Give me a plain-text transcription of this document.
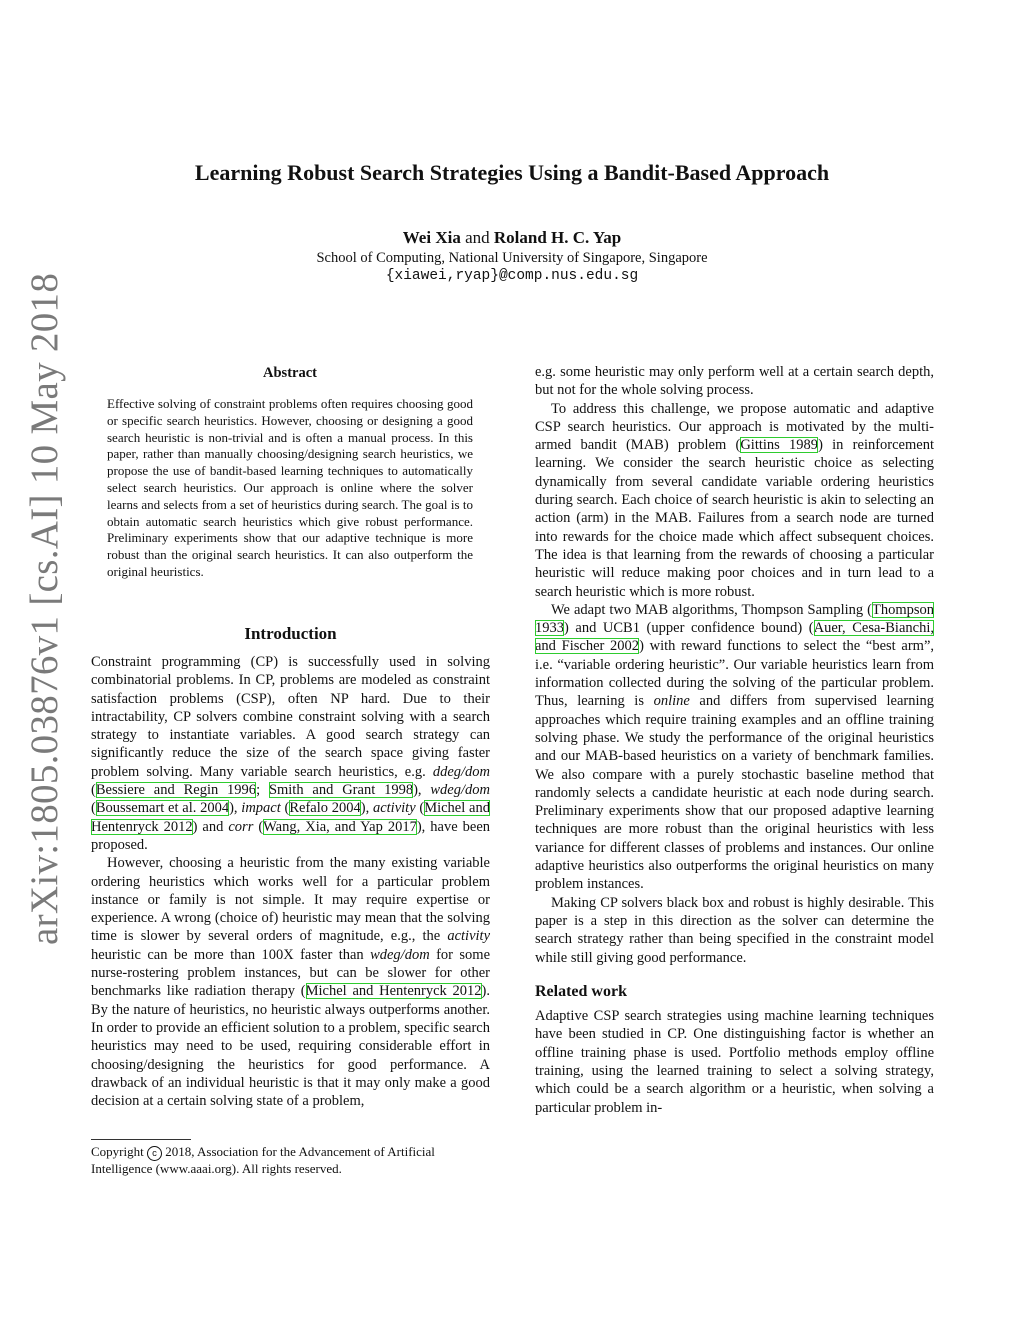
arXiv:1805.03876v1 [cs.AI] 10 May 2018
Learning Robust Search Strategies Using a Bandit-Based Approach
Wei Xia and Roland H. C. Yap
School of Computing, National University of Singapore, Singapore
{xiawei,ryap}@comp.nus.edu.sg
Abstract

Effective solving of constraint problems often requires choosing good or specific search heuristics. However, choosing or designing a good search heuristic is non-trivial and is often a manual process. In this paper, rather than manually choosing/designing search heuristics, we propose the use of bandit-based learning techniques to automatically select search heuristics. Our approach is online where the solver learns and selects from a set of heuristics during search. The goal is to obtain automatic search heuristics which give robust performance. Preliminary experiments show that our adaptive technique is more robust than the original search heuristics. It can also outperform the original heuristics.

Introduction

Constraint programming (CP) is successfully used in solving combinatorial problems. In CP, problems are modeled as constraint satisfaction problems (CSP), often NP hard. Due to their intractability, CP solvers combine constraint solving with a search strategy to instantiate variables. A good search strategy can significantly reduce the size of the search space giving faster problem solving. Many variable search heuristics, e.g. ddeg/dom (Bessiere and Regin 1996; Smith and Grant 1998), wdeg/dom (Boussemart et al. 2004), impact (Refalo 2004), activity (Michel and Hentenryck 2012) and corr (Wang, Xia, and Yap 2017), have been proposed.

However, choosing a heuristic from the many existing variable ordering heuristics which works well for a particular problem instance or family is not simple. It may require expertise or experience. A wrong (choice of) heuristic may mean that the solving time is slower by several orders of magnitude, e.g., the activity heuristic can be more than 100X faster than wdeg/dom for some nurse-rostering problem instances, but can be slower for other benchmarks like radiation therapy (Michel and Hentenryck 2012). By the nature of heuristics, no heuristic always outperforms another. In order to provide an efficient solution to a problem, specific search heuristics may need to be used, requiring considerable effort in choosing/designing the heuristics for good performance. A drawback of an individual heuristic is that it may only make a good decision at a certain solving state of a problem,

Copyright c 2018, Association for the Advancement of Artificial Intelligence (www.aaai.org). All rights reserved.

e.g. some heuristic may only perform well at a certain search depth, but not for the whole solving process.

To address this challenge, we propose automatic and adaptive CSP search heuristics. Our approach is motivated by the multi-armed bandit (MAB) problem (Gittins 1989) in reinforcement learning. We consider the search heuristic choice as selecting dynamically from several candidate variable ordering heuristics during search. Each choice of search heuristic is akin to selecting an action (arm) in the MAB. Failures from a search node are turned into rewards for the choice made which affect subsequent choices. The idea is that learning from the rewards of choosing a particular heuristic will reduce making poor choices and in turn lead to a search heuristic which is more robust.

We adapt two MAB algorithms, Thompson Sampling (Thompson 1933) and UCB1 (upper confidence bound) (Auer, Cesa-Bianchi, and Fischer 2002) with reward functions to select the “best arm”, i.e. “variable ordering heuristic”. Our variable heuristics learn from information collected during the solving of the particular problem. Thus, learning is online and differs from supervised learning approaches which require training examples and an offline training solving phase. We study the performance of the original heuristics and our MAB-based heuristics on a variety of benchmark families. We also compare with a purely stochastic baseline method that randomly selects a candidate heuristic at each node during search. Preliminary experiments show that our proposed adaptive learning techniques are more robust than the original heuristics with less variance for different classes of problems and instances. Our online adaptive heuristics also outperforms the original heuristics on many problem instances.

Making CP solvers black box and robust is highly desirable. This paper is a step in this direction as the solver can determine the search strategy rather than being specified in the constraint model while still giving good performance.

Related work

Adaptive CSP search strategies using machine learning techniques have been studied in CP. One distinguishing factor is whether an offline training phase is used. Portfolio methods employ offline training, using the learned training to select a solving strategy, which could be a search algorithm or a heuristic, when solving a particular problem in-
